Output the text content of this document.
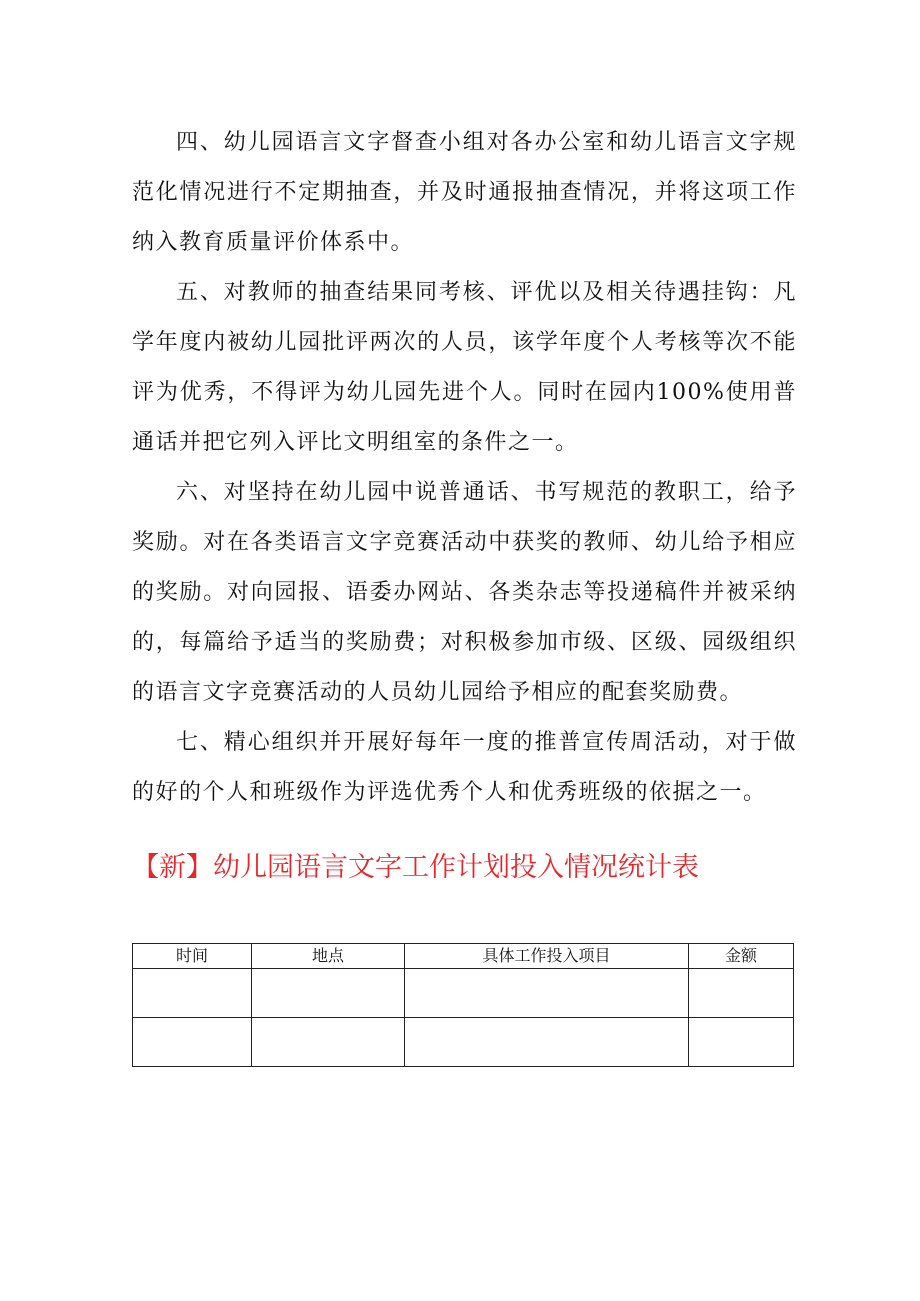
四、幼儿园语言文字督查小组对各办公室和幼儿语言文字规范化情况进行不定期抽查，并及时通报抽查情况，并将这项工作纳入教育质量评价体系中。

五、对教师的抽查结果同考核、评优以及相关待遇挂钩：凡学年度内被幼儿园批评两次的人员，该学年度个人考核等次不能评为优秀，不得评为幼儿园先进个人。同时在园内100%使用普通话并把它列入评比文明组室的条件之一。

六、对坚持在幼儿园中说普通话、书写规范的教职工，给予奖励。对在各类语言文字竞赛活动中获奖的教师、幼儿给予相应的奖励。对向园报、语委办网站、各类杂志等投递稿件并被采纳的，每篇给予适当的奖励费；对积极参加市级、区级、园级组织的语言文字竞赛活动的人员幼儿园给予相应的配套奖励费。

七、精心组织并开展好每年一度的推普宣传周活动，对于做的好的个人和班级作为评选优秀个人和优秀班级的依据之一。

【新】幼儿园语言文字工作计划投入情况统计表
时间	地点	具体工作投入项目	金额
